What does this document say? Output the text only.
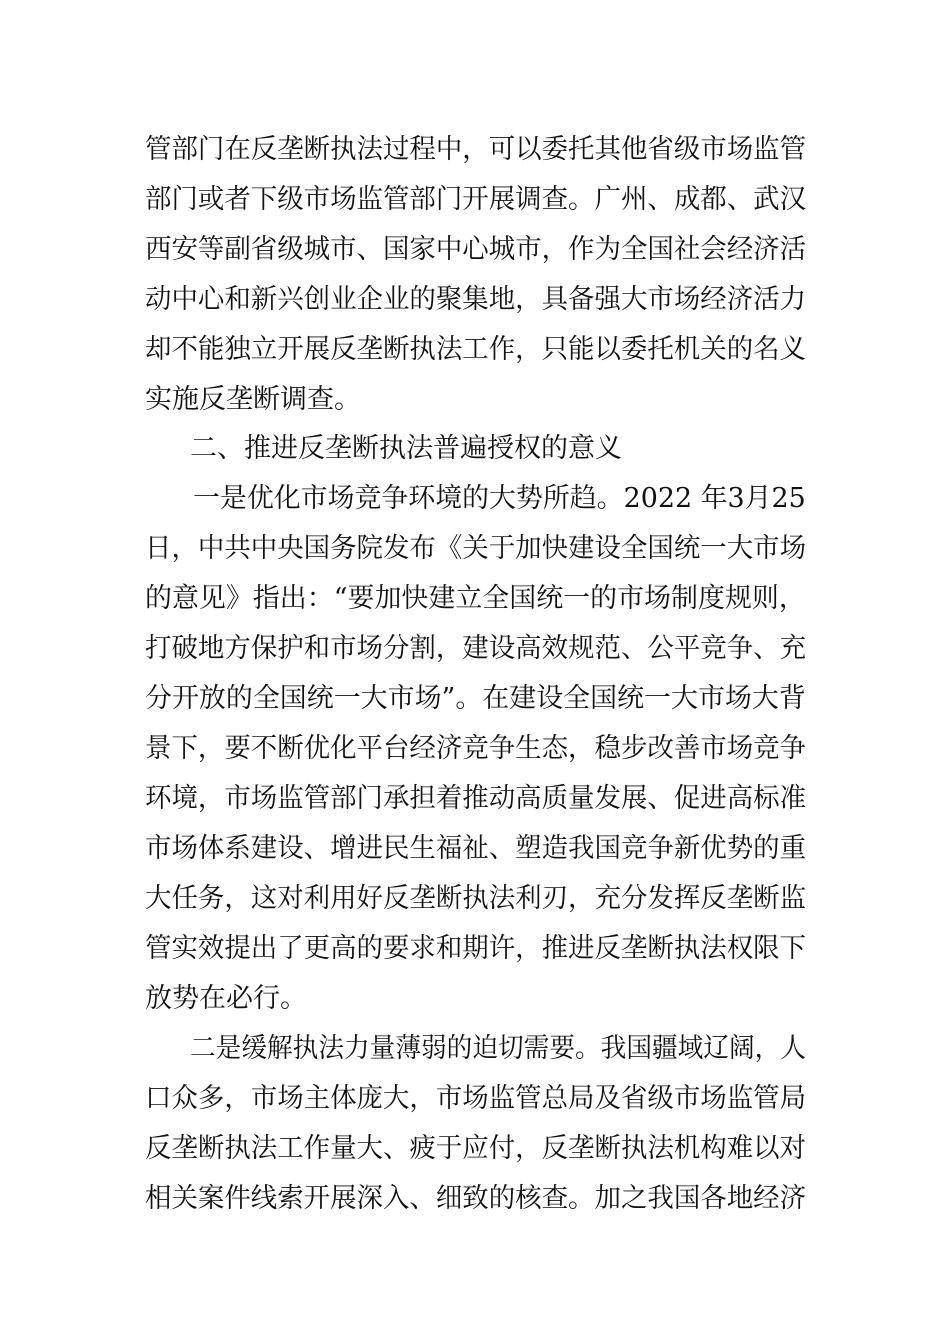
管部门在反垄断执法过程中，可以委托其他省级市场监管
部门或者下级市场监管部门开展调查。广州、成都、武汉
西安等副省级城市、国家中心城市，作为全国社会经济活
动中心和新兴创业企业的聚集地，具备强大市场经济活力
却不能独立开展反垄断执法工作，只能以委托机关的名义
实施反垄断调查。
二、推进反垄断执法普遍授权的意义
一是优化市场竞争环境的大势所趋。2022 年3月25
日，中共中央国务院发布《关于加快建设全国统一大市场
的意见》指出：“要加快建立全国统一的市场制度规则，
打破地方保护和市场分割，建设高效规范、公平竞争、充
分开放的全国统一大市场”。在建设全国统一大市场大背
景下，要不断优化平台经济竞争生态，稳步改善市场竞争
环境，市场监管部门承担着推动高质量发展、促进高标准
市场体系建设、增进民生福祉、塑造我国竞争新优势的重
大任务，这对利用好反垄断执法利刃，充分发挥反垄断监
管实效提出了更高的要求和期许，推进反垄断执法权限下
放势在必行。
二是缓解执法力量薄弱的迫切需要。我国疆域辽阔，人
口众多，市场主体庞大，市场监管总局及省级市场监管局
反垄断执法工作量大、疲于应付，反垄断执法机构难以对
相关案件线索开展深入、细致的核查。加之我国各地经济
